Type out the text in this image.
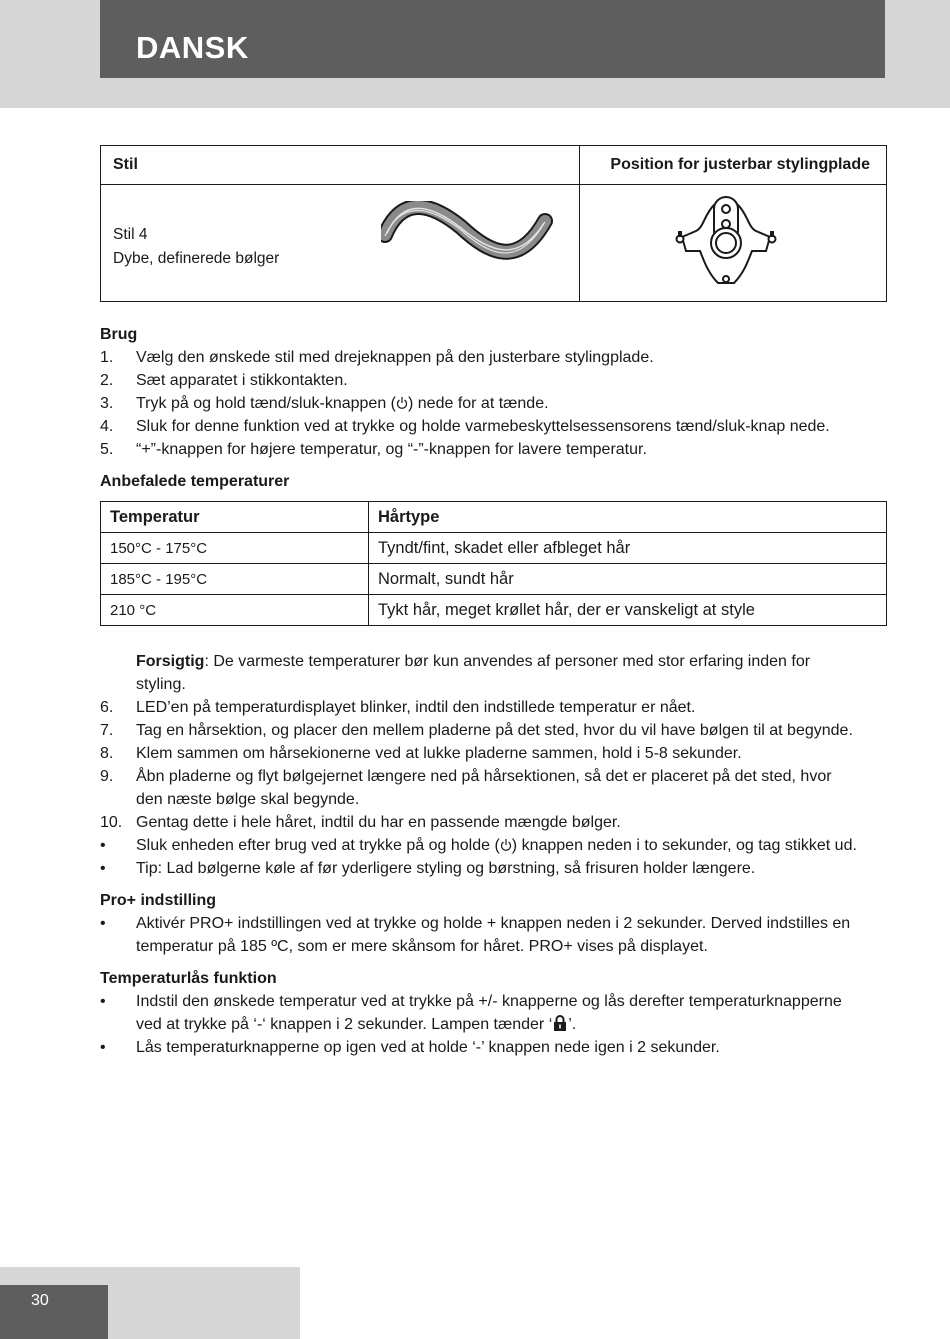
DANSK
Stil	Position for justerbar stylingplade

Stil 4
Dybe, definerede bølger

Brug
1. Vælg den ønskede stil med drejeknappen på den justerbare stylingplade.
2. Sæt apparatet i stikkontakten.
3. Tryk på og hold tænd/sluk-knappen ( ) nede for at tænde.
4. Sluk for denne funktion ved at trykke og holde varmebeskyttelsessensorens tænd/sluk-knap nede.
5. “+”-knappen for højere temperatur, og “-”-knappen for lavere temperatur.
Anbefalede temperaturer
Temperatur	Hårtype
150°C - 175°C	Tyndt/fint, skadet eller afbleget hår
185°C - 195°C	Normalt, sundt hår
210 °C	Tykt hår, meget krøllet hår, der er vanskeligt at style
Forsigtig: De varmeste temperaturer bør kun anvendes af personer med stor erfaring inden for
styling.
6. LED’en på temperaturdisplayet blinker, indtil den indstillede temperatur er nået.
7. Tag en hårsektion, og placer den mellem pladerne på det sted, hvor du vil have bølgen til at begynde.
8. Klem sammen om hårsekionerne ved at lukke pladerne sammen, hold i 5-8 sekunder.
9. Åbn pladerne og flyt bølgejernet længere ned på hårsektionen, så det er placeret på det sted, hvor
den næste bølge skal begynde.
10. Gentag dette i hele håret, indtil du har en passende mængde bølger.
• Sluk enheden efter brug ved at trykke på og holde ( ) knappen neden i to sekunder, og tag stikket ud.
• Tip: Lad bølgerne køle af før yderligere styling og børstning, så frisuren holder længere.
Pro+ indstilling
• Aktivér PRO+ indstillingen ved at trykke og holde + knappen neden i 2 sekunder. Derved indstilles en
temperatur på 185 ºC, som er mere skånsom for håret. PRO+ vises på displayet.
Temperaturlås funktion
• Indstil den ønskede temperatur ved at trykke på +/- knapperne og lås derefter temperaturknapperne
ved at trykke på ‘-‘ knappen i 2 sekunder. Lampen tænder ‘ ’.
• Lås temperaturknapperne op igen ved at holde ‘-’ knappen nede igen i 2 sekunder.
30
